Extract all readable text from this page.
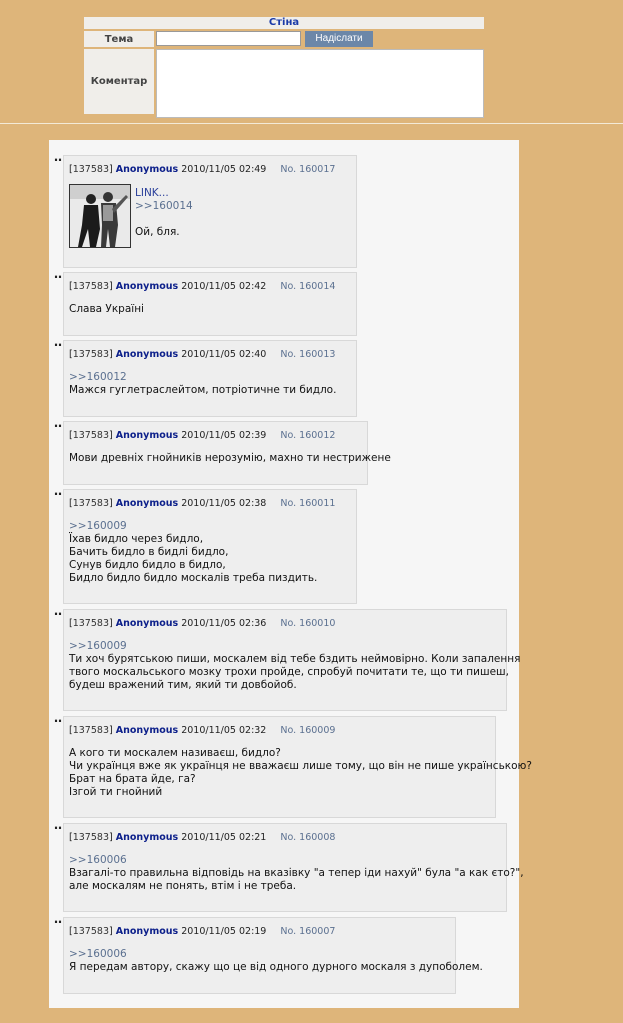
Стіна
Тема	Надіслати
Коментар
‥
[137583] Anonymous 2010/11/05 02:49 No. 160017
LINK...
>>160014
Ой, бля.
‥
[137583] Anonymous 2010/11/05 02:42 No. 160014
Слава Україні
‥
[137583] Anonymous 2010/11/05 02:40 No. 160013
>>160012
Мажся гуглетраслейтом, потріотичне ти бидло.
‥
[137583] Anonymous 2010/11/05 02:39 No. 160012
Мови древніх гнойників нерозумію, махно ти нестрижене
‥
[137583] Anonymous 2010/11/05 02:38 No. 160011
>>160009
Їхав бидло через бидло,
Бачить бидло в бидлі бидло,
Сунув бидло бидло в бидло,
Бидло бидло бидло москалів треба пиздить.
‥
[137583] Anonymous 2010/11/05 02:36 No. 160010
>>160009
Ти хоч бурятською пиши, москалем від тебе бздить неймовірно. Коли запалення
твого москальського мозку трохи пройде, спробуй почитати те, що ти пишеш,
будеш вражений тим, який ти довбойоб.
‥
[137583] Anonymous 2010/11/05 02:32 No. 160009
А кого ти москалем називаєш, бидло?
Чи українця вже як українця не вважаєш лише тому, що він не пише українською?
Брат на брата йде, га?
Ізгой ти гнойний
‥
[137583] Anonymous 2010/11/05 02:21 No. 160008
>>160006
Взагалі-то правильна відповідь на вказівку "а тепер іди нахуй" була "а как єто?",
але москалям не понять, втім і не треба.
‥
[137583] Anonymous 2010/11/05 02:19 No. 160007
>>160006
Я передам автору, скажу що це від одного дурного москаля з дупоболем.
